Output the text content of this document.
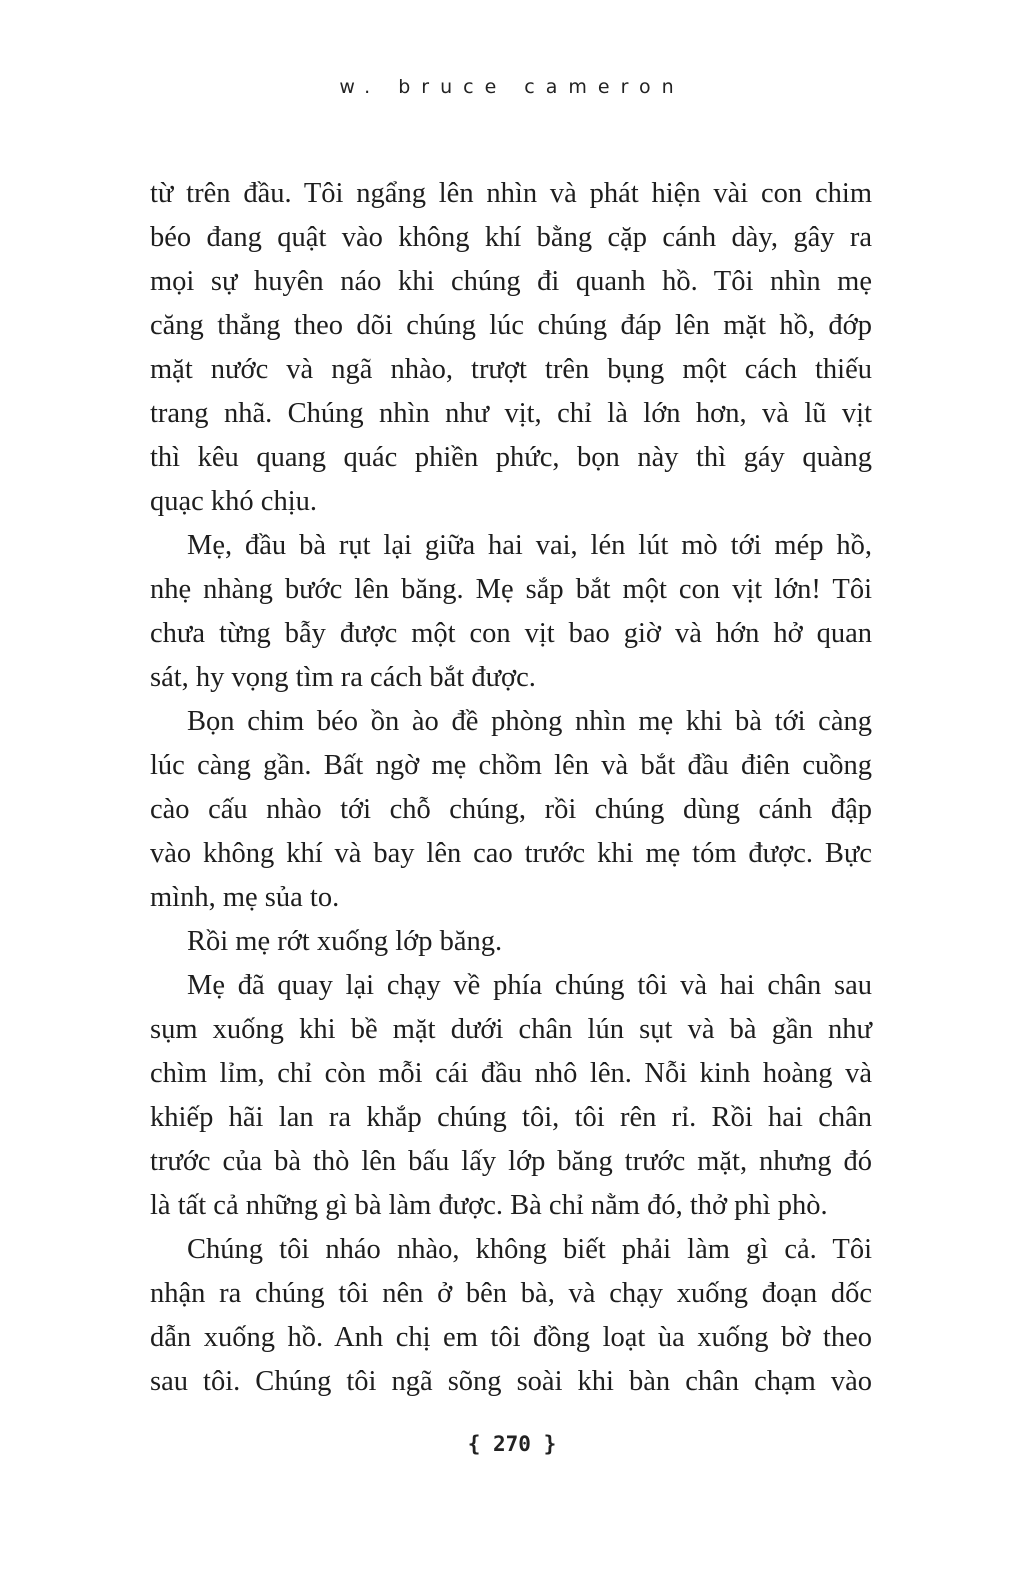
w. bruce cameron
từ trên đầu. Tôi ngẩng lên nhìn và phát hiện vài con chim
béo đang quật vào không khí bằng cặp cánh dày, gây ra
mọi sự huyên náo khi chúng đi quanh hồ. Tôi nhìn mẹ
căng thẳng theo dõi chúng lúc chúng đáp lên mặt hồ, đớp
mặt nước và ngã nhào, trượt trên bụng một cách thiếu
trang nhã. Chúng nhìn như vịt, chỉ là lớn hơn, và lũ vịt
thì kêu quang quác phiền phức, bọn này thì gáy quàng
quạc khó chịu.
Mẹ, đầu bà rụt lại giữa hai vai, lén lút mò tới mép hồ,
nhẹ nhàng bước lên băng. Mẹ sắp bắt một con vịt lớn! Tôi
chưa từng bẫy được một con vịt bao giờ và hớn hở quan
sát, hy vọng tìm ra cách bắt được.
Bọn chim béo ồn ào đề phòng nhìn mẹ khi bà tới càng
lúc càng gần. Bất ngờ mẹ chồm lên và bắt đầu điên cuồng
cào cấu nhào tới chỗ chúng, rồi chúng dùng cánh đập
vào không khí và bay lên cao trước khi mẹ tóm được. Bực
mình, mẹ sủa to.
Rồi mẹ rớt xuống lớp băng.
Mẹ đã quay lại chạy về phía chúng tôi và hai chân sau
sụm xuống khi bề mặt dưới chân lún sụt và bà gần như
chìm lỉm, chỉ còn mỗi cái đầu nhô lên. Nỗi kinh hoàng và
khiếp hãi lan ra khắp chúng tôi, tôi rên rỉ. Rồi hai chân
trước của bà thò lên bấu lấy lớp băng trước mặt, nhưng đó
là tất cả những gì bà làm được. Bà chỉ nằm đó, thở phì phò.
Chúng tôi nháo nhào, không biết phải làm gì cả. Tôi
nhận ra chúng tôi nên ở bên bà, và chạy xuống đoạn dốc
dẫn xuống hồ. Anh chị em tôi đồng loạt ùa xuống bờ theo
sau tôi. Chúng tôi ngã sõng soài khi bàn chân chạm vào
{ 270 }
